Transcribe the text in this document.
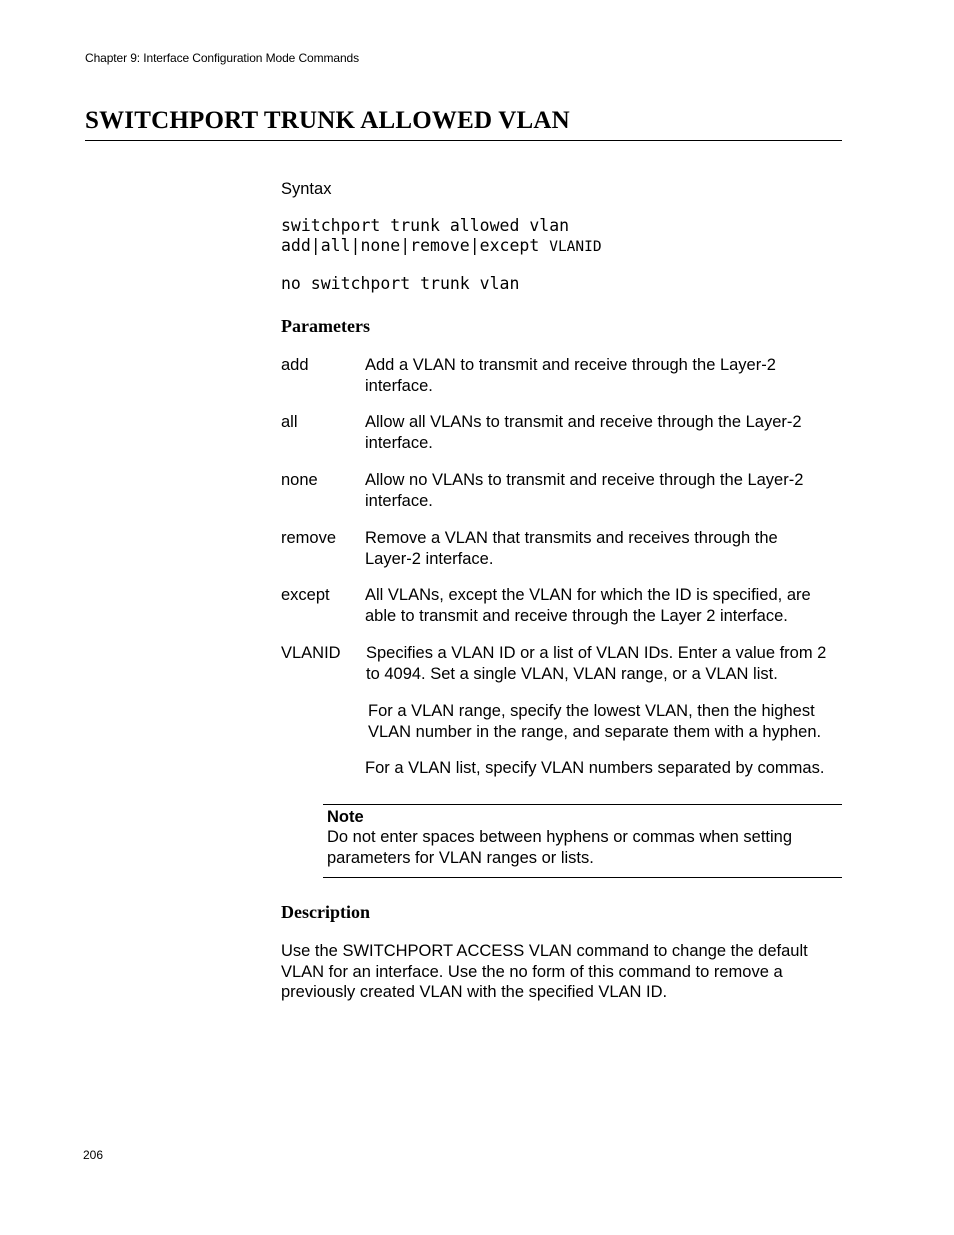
Chapter 9: Interface Configuration Mode Commands
SWITCHPORT TRUNK ALLOWED VLAN
Syntax
switchport trunk allowed vlan
add|all|none|remove|except VLANID
no switchport trunk vlan
Parameters
add	Add a VLAN to transmit and receive through the Layer-2
interface.
all	Allow all VLANs to transmit and receive through the Layer-2
interface.
none	Allow no VLANs to transmit and receive through the Layer-2
interface.
remove Remove a VLAN that transmits and receives through the
Layer-2 interface.
except All VLANs, except the VLAN for which the ID is specified, are
able to transmit and receive through the Layer 2 interface.
VLANID Specifies a VLAN ID or a list of VLAN IDs. Enter a value from 2
to 4094. Set a single VLAN, VLAN range, or a VLAN list.
For a VLAN range, specify the lowest VLAN, then the highest
VLAN number in the range, and separate them with a hyphen.
For a VLAN list, specify VLAN numbers separated by commas.
Note
Do not enter spaces between hyphens or commas when setting
parameters for VLAN ranges or lists.
Description
Use the SWITCHPORT ACCESS VLAN command to change the default
VLAN for an interface. Use the no form of this command to remove a
previously created VLAN with the specified VLAN ID.
206
